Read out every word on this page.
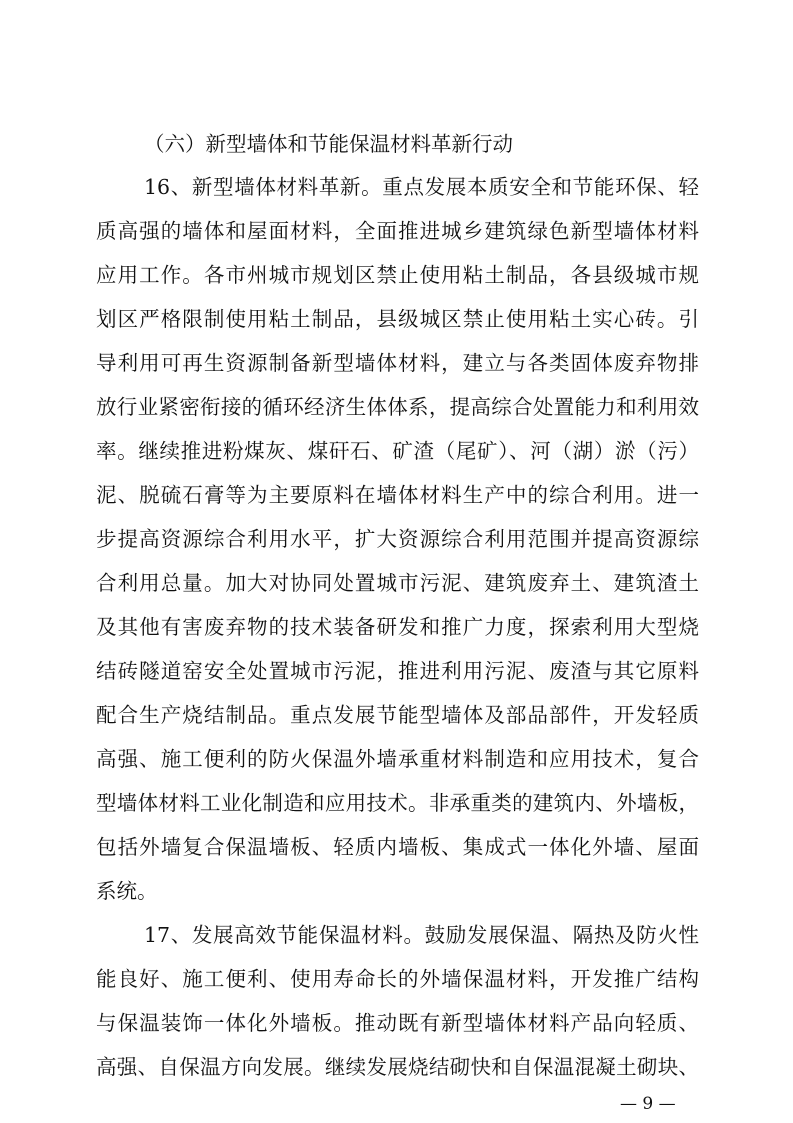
（六）新型墙体和节能保温材料革新行动
16、新型墙体材料革新。重点发展本质安全和节能环保、轻
质高强的墙体和屋面材料，全面推进城乡建筑绿色新型墙体材料
应用工作。各市州城市规划区禁止使用粘土制品，各县级城市规
划区严格限制使用粘土制品，县级城区禁止使用粘土实心砖。引
导利用可再生资源制备新型墙体材料，建立与各类固体废弃物排
放行业紧密衔接的循环经济生体体系，提高综合处置能力和利用效
率。继续推进粉煤灰、煤矸石、矿渣（尾矿）、河（湖）淤（污）
泥、脱硫石膏等为主要原料在墙体材料生产中的综合利用。进一
步提高资源综合利用水平，扩大资源综合利用范围并提高资源综
合利用总量。加大对协同处置城市污泥、建筑废弃土、建筑渣土
及其他有害废弃物的技术装备研发和推广力度，探索利用大型烧
结砖隧道窑安全处置城市污泥，推进利用污泥、废渣与其它原料
配合生产烧结制品。重点发展节能型墙体及部品部件，开发轻质
高强、施工便利的防火保温外墙承重材料制造和应用技术，复合
型墙体材料工业化制造和应用技术。非承重类的建筑内、外墙板，
包括外墙复合保温墙板、轻质内墙板、集成式一体化外墙、屋面
系统。
17、发展高效节能保温材料。鼓励发展保温、隔热及防火性
能良好、施工便利、使用寿命长的外墙保温材料，开发推广结构
与保温装饰一体化外墙板。推动既有新型墙体材料产品向轻质、
高强、自保温方向发展。继续发展烧结砌快和自保温混凝土砌块、
— 9 —
